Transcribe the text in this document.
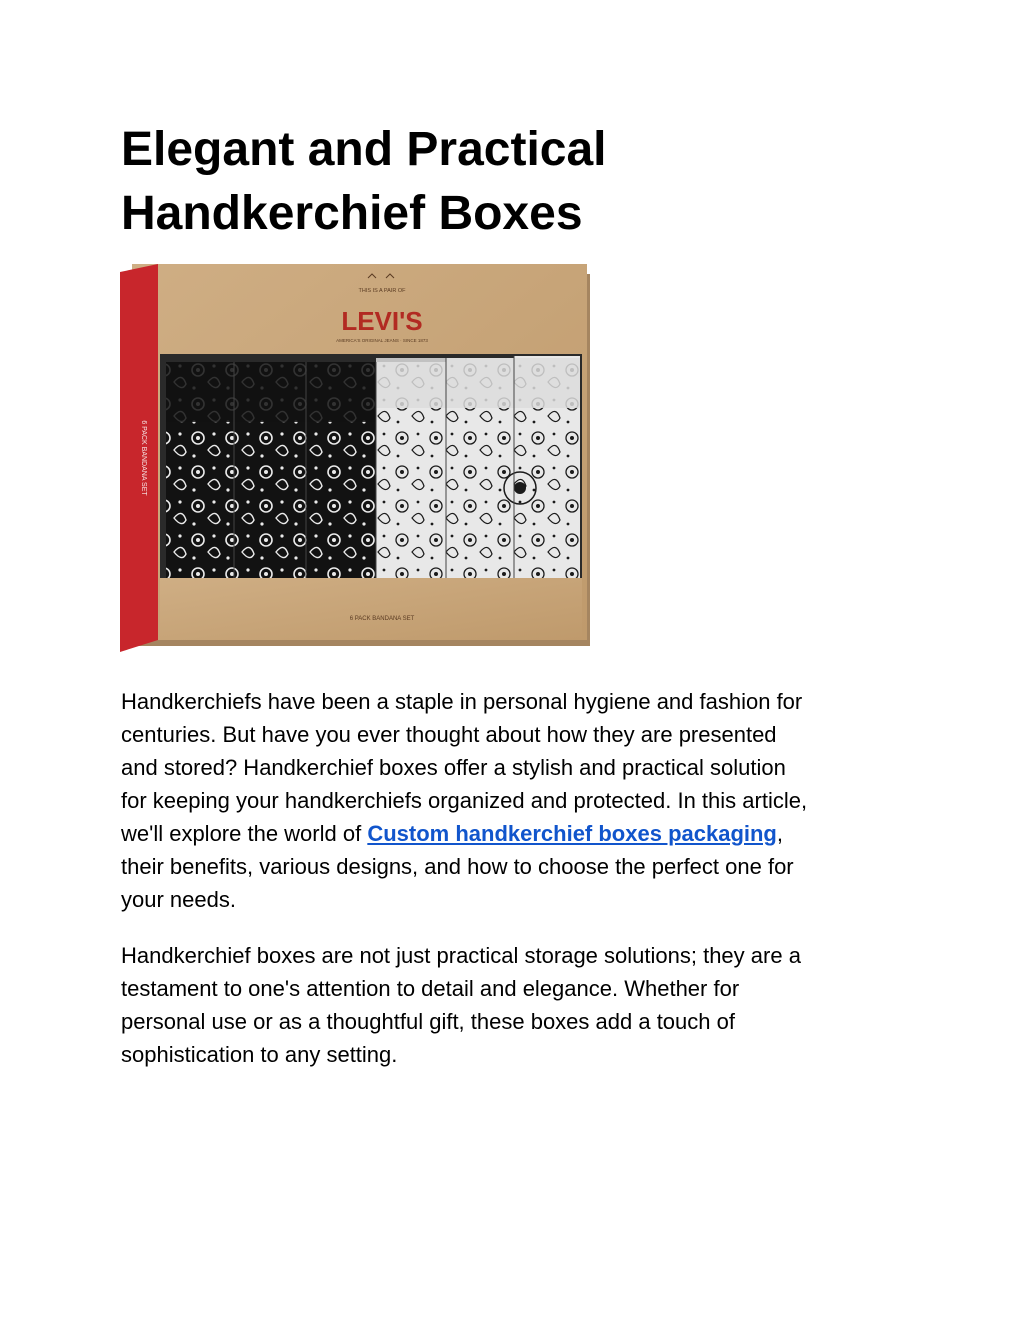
Elegant and Practical
Handkerchief Boxes
6 PACK BANDANA SET
THIS IS A PAIR OF
LEVI'S
AMERICA'S ORIGINAL JEANS · SINCE 1873
6 PACK BANDANA SET

Handkerchiefs have been a staple in personal hygiene and fashion for
centuries. But have you ever thought about how they are presented
and stored? Handkerchief boxes offer a stylish and practical solution
for keeping your handkerchiefs organized and protected. In this article,
we'll explore the world of Custom handkerchief boxes packaging,
their benefits, various designs, and how to choose the perfect one for
your needs.

Handkerchief boxes are not just practical storage solutions; they are a
testament to one's attention to detail and elegance. Whether for
personal use or as a thoughtful gift, these boxes add a touch of
sophistication to any setting.
